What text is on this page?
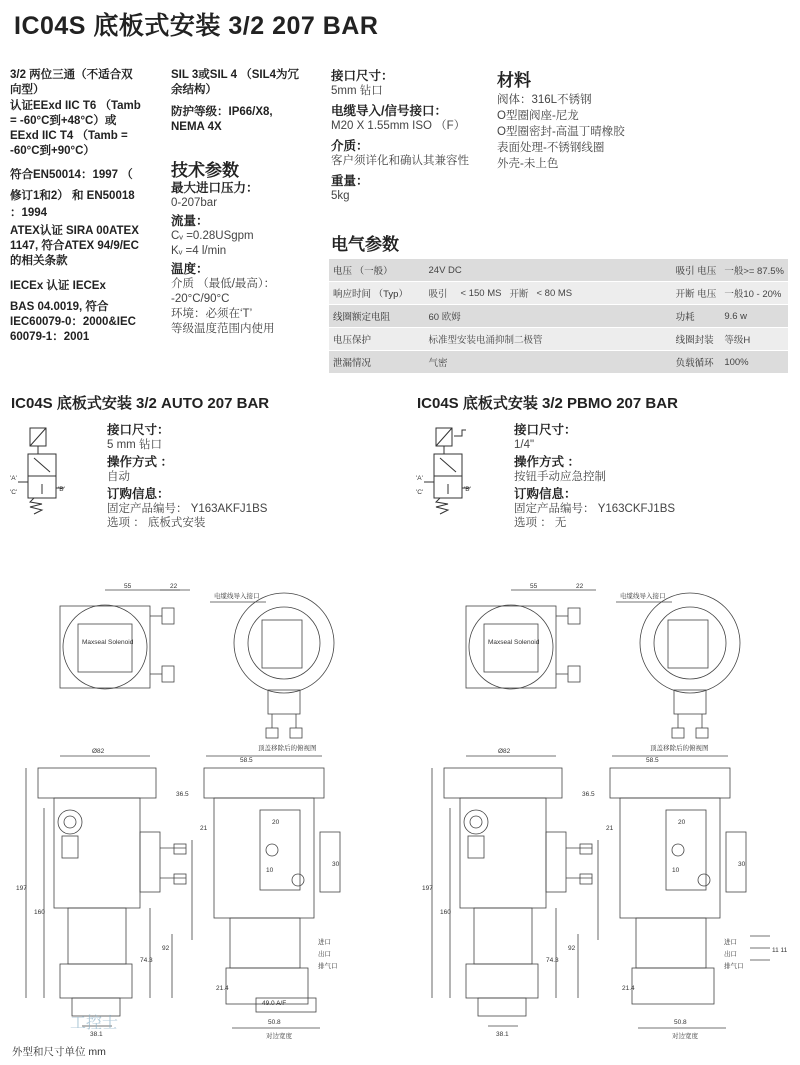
IC04S 底板式安装 3/2 207 BAR
3/2 两位三通（不适合双
向型）
认证EExd IIC T6 （Tamb
= -60°C到+48°C）或
EExd IIC T4 （Tamb =
-60°C到+90°C）
符合EN50014：1997 （
修订1和2） 和 EN50018
：1994
ATEX认证 SIRA 00ATEX
1147, 符合ATEX 94/9/EC
的相关条款
IECEx 认证 IECEx
BAS 04.0019, 符合
IEC60079-0：2000&IEC
60079-1：2001
SIL 3或SIL 4 （SIL4为冗
余结构）
防护等级：IP66/X8,
NEMA 4X
技术参数
最大进口压力：
0-207bar
流量：
Cᵥ =0.28USgpm
Kᵥ =4 l/min
温度：
介质 （最低/最高）：
-20°C/90°C
环境：必须在‘T’
等级温度范围内使用
接口尺寸：
5mm 钻口
电缆导入/信号接口：
M20 X 1.55mm ISO （F）
介质：
客户须详化和确认其兼容性
重量：
5kg
材料
阀体：316L不锈钢
O型圈阀座-尼龙
O型圈密封-高温丁晴橡胶
表面处理-不锈钢线圈
外壳-未上色
电气参数
电压 （一般）	24V DC				吸引 电压	一般>= 87.5%
响应时间 （Typ）	吸引	< 150 MS	开断	< 80 MS	开断 电压	一般10 - 20%
线圈额定电阻	60 欧姆				功耗	9.6 w
电压保护	标准型安装电涌抑制二极管				线圈封装	等级H
泄漏情况	气密				负载循环	100%
IC04S 底板式安装 3/2 AUTO 207 BAR
'A'
'B'
'C'
接口尺寸：
5 mm 钻口
操作方式 ：
自动
订购信息：
固定产品编号： Y163AKFJ1BS
选项 ： 底板式安装
IC04S 底板式安装 3/2 PBMO 207 BAR
'A'
'B'
'C'
接口尺寸：
1/4"
操作方式 ：
按钮手动应急控制
订购信息：
固定产品编号： Y163CKFJ1BS
选项 ： 无
55	22
电缆线导入接口
Maxseal Solenoid
顶盖移除后的俯视图
Ø82
58.5
36.5
21
20
10
30
197
160
92
74.3
21.4
49.0 A/F
50.8
38.1	对边宽度
进口
出口
排气口
55	22
电缆线导入接口
Maxseal Solenoid
顶盖移除后的俯视图
Ø82
58.5
36.5
21
20
10
30
197
160
92
74.3
21.4
50.8
38.1	对边宽度
进口
出口
排气口
11 11
外型和尺寸单位 mm
工控士
